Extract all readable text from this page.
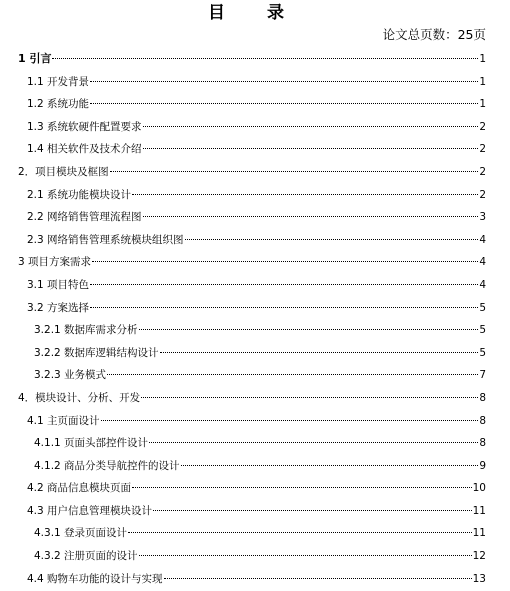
目 录
论文总页数：25页
1 引言	1
1.1 开发背景	1
1.2 系统功能	1
1.3 系统软硬件配置要求	2
1.4 相关软件及技术介绍	2
2．项目模块及框图	2
2.1 系统功能模块设计	2
2.2 网络销售管理流程图	3
2.3 网络销售管理系统模块组织图	4
3 项目方案需求	4
3.1 项目特色	4
3.2 方案选择	5
3.2.1 数据库需求分析	5
3.2.2 数据库逻辑结构设计	5
3.2.3 业务模式	7
4．模块设计、分析、开发	8
4.1 主页面设计	8
4.1.1 页面头部控件设计	8
4.1.2 商品分类导航控件的设计	9
4.2 商品信息模块页面	10
4.3 用户信息管理模块设计	11
4.3.1 登录页面设计	11
4.3.2 注册页面的设计	12
4.4 购物车功能的设计与实现	13
